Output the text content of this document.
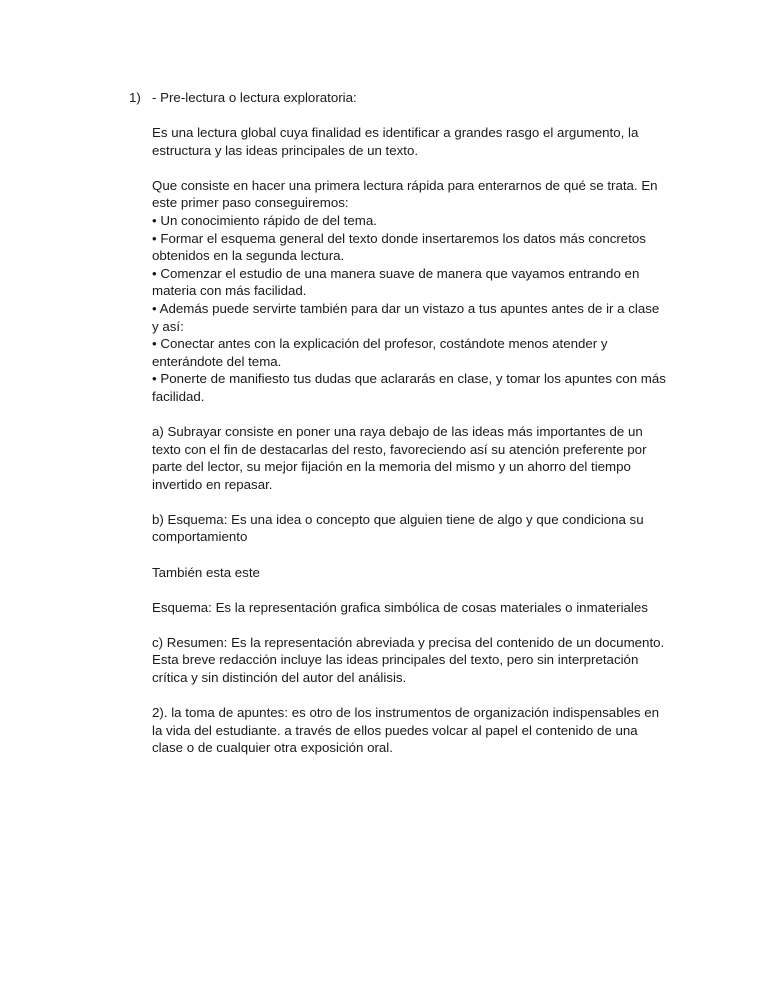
1) - Pre-lectura o lectura exploratoria:
Es una lectura global cuya finalidad es identificar a grandes rasgo el argumento, la
estructura y las ideas principales de un texto.
Que consiste en hacer una primera lectura rápida para enterarnos de qué se trata. En
este primer paso conseguiremos:
• Un conocimiento rápido de del tema.
• Formar el esquema general del texto donde insertaremos los datos más concretos
obtenidos en la segunda lectura.
• Comenzar el estudio de una manera suave de manera que vayamos entrando en
materia con más facilidad.
• Además puede servirte también para dar un vistazo a tus apuntes antes de ir a clase
y así:
• Conectar antes con la explicación del profesor, costándote menos atender y
enterándote del tema.
• Ponerte de manifiesto tus dudas que aclararás en clase, y tomar los apuntes con más
facilidad.
a) Subrayar consiste en poner una raya debajo de las ideas más importantes de un
texto con el fin de destacarlas del resto, favoreciendo así su atención preferente por
parte del lector, su mejor fijación en la memoria del mismo y un ahorro del tiempo
invertido en repasar.
b) Esquema: Es una idea o concepto que alguien tiene de algo y que condiciona su
comportamiento
También esta este
Esquema: Es la representación grafica simbólica de cosas materiales o inmateriales
c) Resumen: Es la representación abreviada y precisa del contenido de un documento.
Esta breve redacción incluye las ideas principales del texto, pero sin interpretación
crítica y sin distinción del autor del análisis.
2). la toma de apuntes: es otro de los instrumentos de organización indispensables en
la vida del estudiante. a través de ellos puedes volcar al papel el contenido de una
clase o de cualquier otra exposición oral.
